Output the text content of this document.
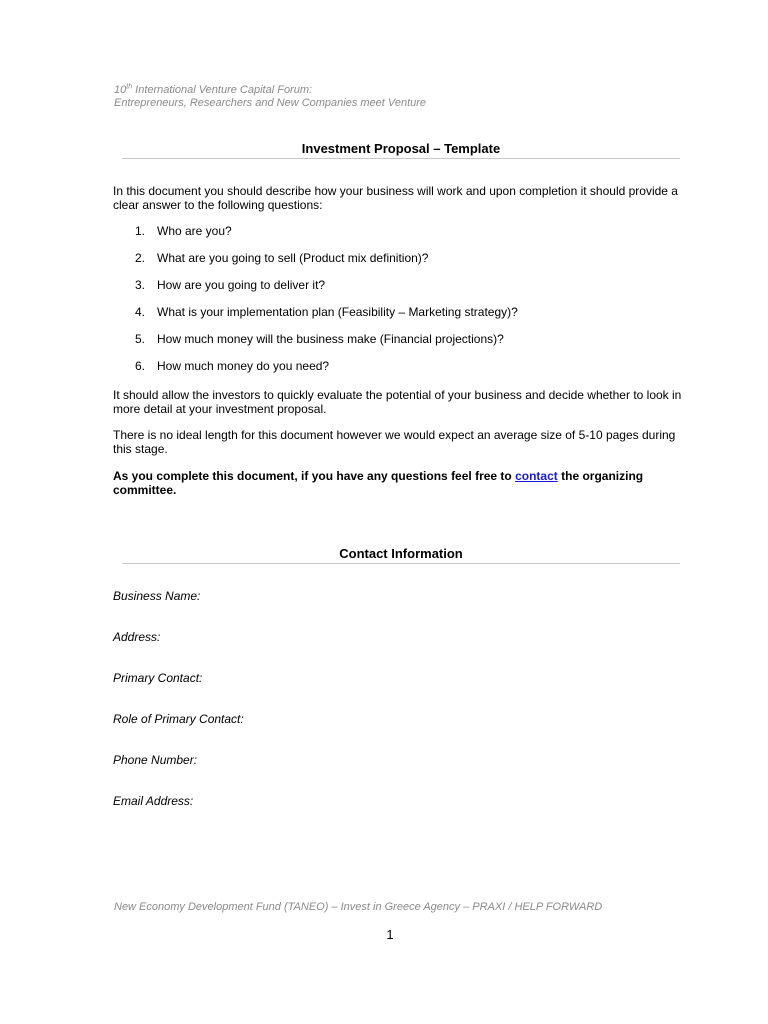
10th International Venture Capital Forum:
Entrepreneurs, Researchers and New Companies meet Venture
Investment Proposal – Template
In this document you should describe how your business will work and upon completion it should provide a clear answer to the following questions:
1. Who are you?
2. What are you going to sell (Product mix definition)?
3. How are you going to deliver it?
4. What is your implementation plan (Feasibility – Marketing strategy)?
5. How much money will the business make (Financial projections)?
6. How much money do you need?
It should allow the investors to quickly evaluate the potential of your business and decide whether to look in more detail at your investment proposal.
There is no ideal length for this document however we would expect an average size of 5-10 pages during this stage.
As you complete this document, if you have any questions feel free to contact the organizing committee.
Contact Information
Business Name:
Address:
Primary Contact:
Role of Primary Contact:
Phone Number:
Email Address:
New Economy Development Fund (TANEO) – Invest in Greece Agency – PRAXI / HELP FORWARD
1
